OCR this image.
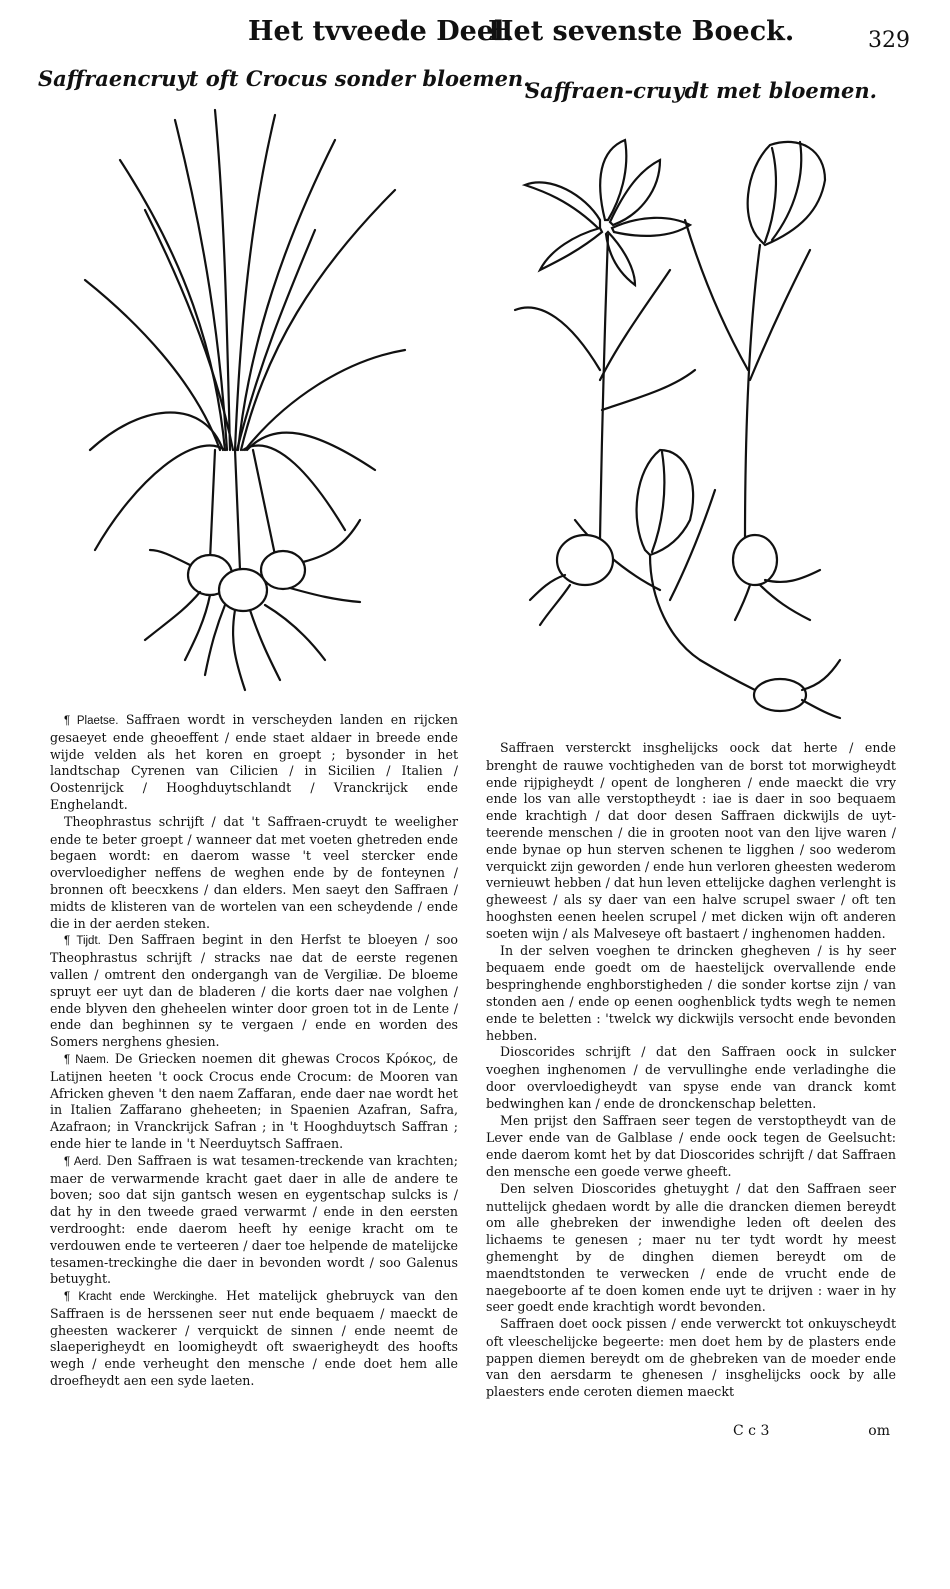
Het tvveede Deel.
Het sevenste Boeck.	329
Saffraencruyt oft Crocus sonder bloemen.
Saffraen-cruydt met bloemen.

¶ Plaetse. Saffraen wordt in verscheyden landen en rijcken gesaeyet ende gheoeffent / ende staet aldaer in breede ende wijde velden als het koren en groept ; bysonder in het landtschap Cyrenen van Cilicien / in Sicilien / Italien / Oostenrijck / Hooghduytschlandt / Vranckrijck ende Enghelandt.

Theophrastus schrijft / dat 't Saffraen-cruydt te weeligher ende te beter groept / wanneer dat met voeten ghetreden ende begaen wordt: en daerom wasse 't veel stercker ende overvloedigher neffens de weghen ende by de fonteynen / bronnen oft beecxkens / dan elders. Men saeyt den Saffraen / midts de klisteren van de wortelen van een scheydende / ende die in der aerden steken.

¶ Tijdt. Den Saffraen begint in den Herfst te bloeyen / soo Theophrastus schrijft / stracks nae dat de eerste regenen vallen / omtrent den ondergangh van de Vergiliæ. De bloeme spruyt eer uyt dan de bladeren / die korts daer nae volghen / ende blyven den gheheelen winter door groen tot in de Lente / ende dan beghinnen sy te vergaen / ende en worden des Somers nerghens ghesien.

¶ Naem. De Griecken noemen dit ghewas Crocos Κρόκος, de Latijnen heeten 't oock Crocus ende Crocum: de Mooren van Africken gheven 't den naem Zaffaran, ende daer nae wordt het in Italien Zaffarano gheheeten; in Spaenien Azafran, Safra, Azafraon; in Vranckrijck Safran ; in 't Hooghduytsch Saffran ; ende hier te lande in 't Neerduytsch Saffraen.

¶ Aerd. Den Saffraen is wat tesamen-treckende van krachten; maer de verwarmende kracht gaet daer in alle de andere te boven; soo dat sijn gantsch wesen en eygentschap sulcks is / dat hy in den tweede graed verwarmt / ende in den eersten verdrooght: ende daerom heeft hy eenige kracht om te verdouwen ende te verteeren / daer toe helpende de matelijcke tesamen-treckinghe die daer in bevonden wordt / soo Galenus betuyght.

¶ Kracht ende Werckinghe. Het matelijck ghebruyck van den Saffraen is de herssenen seer nut ende bequaem / maeckt de gheesten wackerer / verquickt de sinnen / ende neemt de slaeperigheydt en loomigheydt oft swaerigheydt des hoofts wegh / ende verheught den mensche / ende doet hem alle droefheydt aen een syde laeten.

Saffraen versterckt insghelijcks oock dat herte / ende brenght de rauwe vochtigheden van de borst tot morwigheydt ende rijpigheydt / opent de longheren / ende maeckt die vry ende los van alle verstoptheydt : iae is daer in soo bequaem ende krachtigh / dat door desen Saffraen dickwijls de uyt-teerende menschen / die in grooten noot van den lijve waren / ende bynae op hun sterven schenen te ligghen / soo wederom verquickt zijn geworden / ende hun verloren gheesten wederom vernieuwt hebben / dat hun leven ettelijcke daghen verlenght is gheweest / als sy daer van een halve scrupel swaer / oft ten hooghsten eenen heelen scrupel / met dicken wijn oft anderen soeten wijn / als Malveseye oft bastaert / inghenomen hadden.

In der selven voeghen te drincken ghegheven / is hy seer bequaem ende goedt om de haestelijck overvallende ende bespringhende enghborstigheden / die sonder kortse zijn / van stonden aen / ende op eenen ooghenblick tydts wegh te nemen ende te beletten : 'twelck wy dickwijls versocht ende bevonden hebben.

Dioscorides schrijft / dat den Saffraen oock in sulcker voeghen inghenomen / de vervullinghe ende verladinghe die door overvloedigheydt van spyse ende van dranck komt bedwinghen kan / ende de dronckenschap beletten.

Men prijst den Saffraen seer tegen de verstoptheydt van de Lever ende van de Galblase / ende oock tegen de Geelsucht: ende daerom komt het by dat Dioscorides schrijft / dat Saffraen den mensche een goede verwe gheeft.

Den selven Dioscorides ghetuyght / dat den Saffraen seer nuttelijck ghedaen wordt by alle die drancken diemen bereydt om alle ghebreken der inwendighe leden oft deelen des lichaems te genesen ; maer nu ter tydt wordt hy meest ghemenght by de dinghen diemen bereydt om de maendtstonden te verwecken / ende de vrucht ende de naegeboorte af te doen komen ende uyt te drijven : waer in hy seer goedt ende krachtigh wordt bevonden.

Saffraen doet oock pissen / ende verwerckt tot onkuyscheydt oft vleeschelijcke begeerte: men doet hem by de plasters ende pappen diemen bereydt om de ghebreken van de moeder ende van den aersdarm te ghenesen / insghelijcks oock by alle plaesters ende ceroten diemen maeckt

C c 3	om
